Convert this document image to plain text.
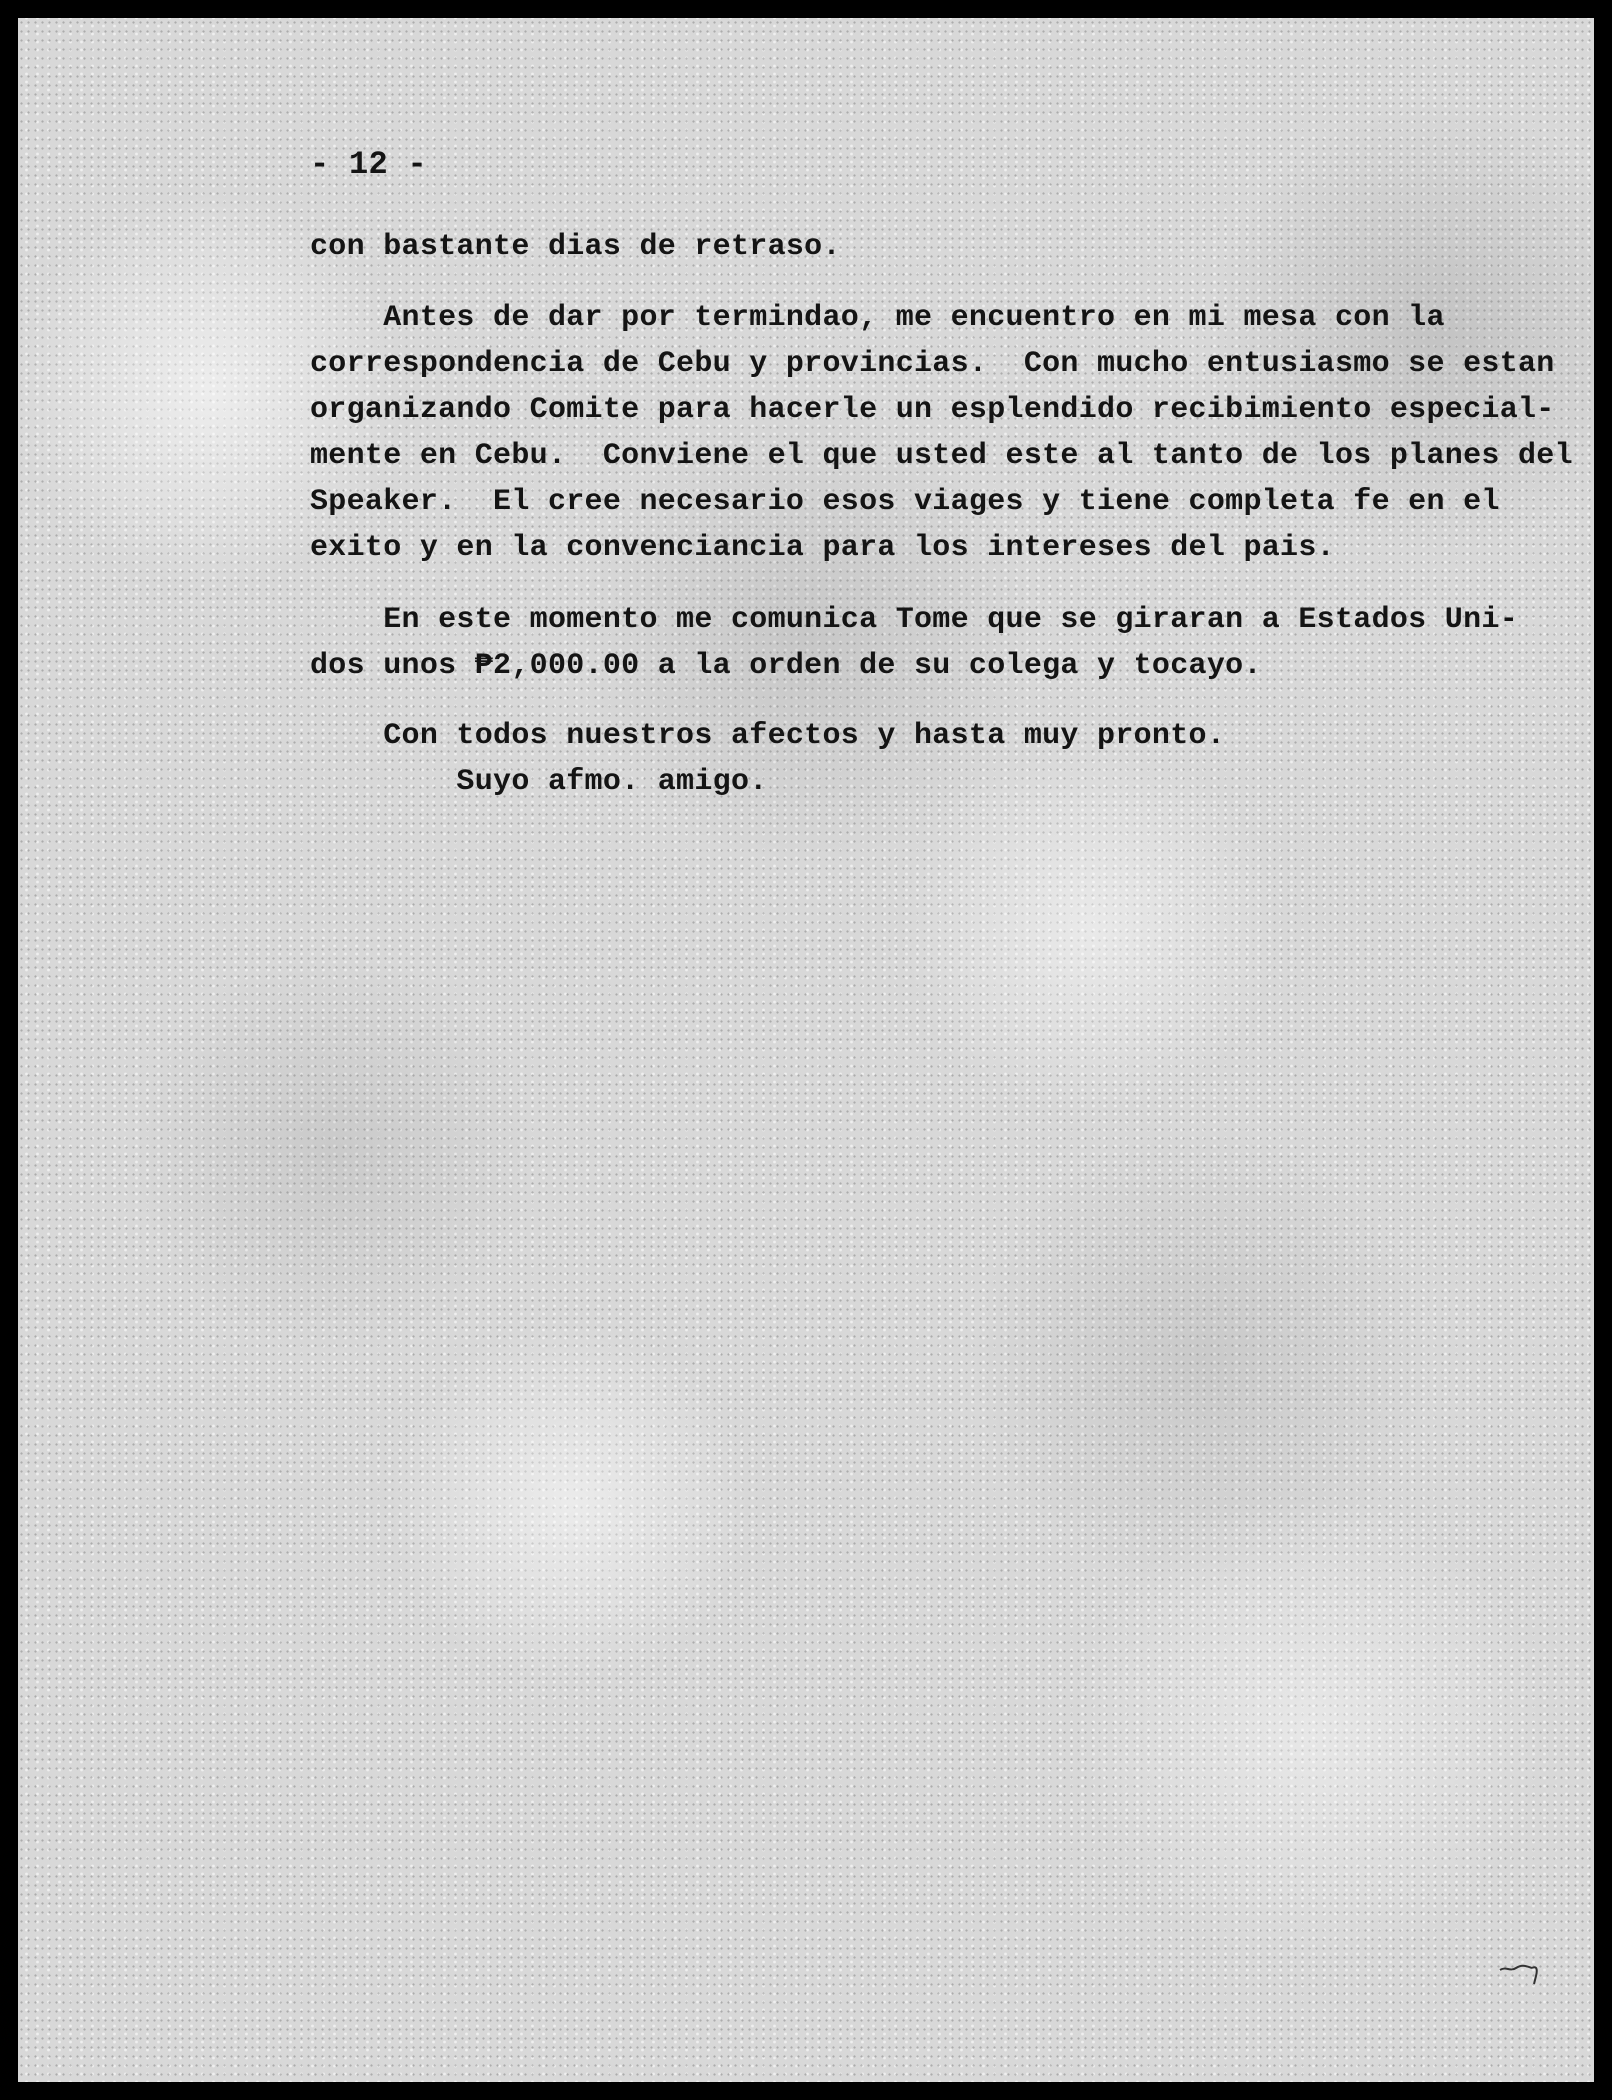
- 12 -
con bastante dias de retraso.
Antes de dar por termindao, me encuentro en mi mesa con la
correspondencia de Cebu y provincias.  Con mucho entusiasmo se estan
organizando Comite para hacerle un esplendido recibimiento especial-
mente en Cebu.  Conviene el que usted este al tanto de los planes del
Speaker.  El cree necesario esos viages y tiene completa fe en el
exito y en la convenciancia para los intereses del pais.
En este momento me comunica Tome que se giraran a Estados Uni-
dos unos ₱2,000.00 a la orden de su colega y tocayo.
Con todos nuestros afectos y hasta muy pronto.
Suyo afmo. amigo.
